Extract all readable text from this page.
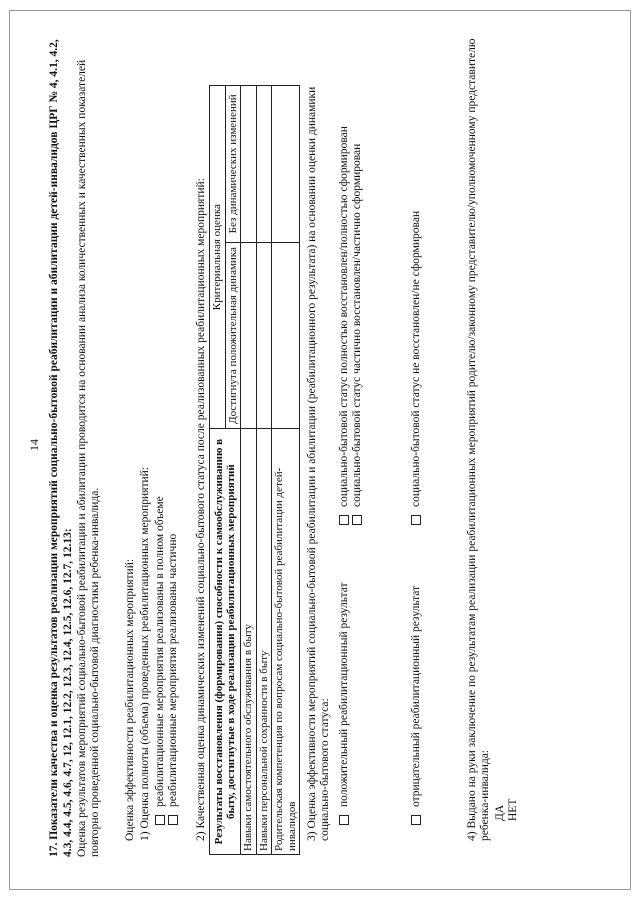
14 17. Показатели качества и оценка результатов реализации мероприятий социально-бытовой реабилитации и абилитации детей-инвалидов ЦРГ № 4, 4.1, 4.2, 4.3, 4.4, 4.5, 4.6, 4.7, 12, 12.1, 12.2, 12.3, 12.4, 12.5, 12.6, 12.7, 12.13: Оценка результатов мероприятий социально-бытовой реабилитации и абилитации проводится на основании анализа количественных и качественных показателей повторно проведенной социально-бытовой диагностики ребенка-инвалида. Оценка эффективности реабилитационных мероприятий: 1) Оценка полноты (объема) проведенных реабилитационных мероприятий: реабилитационные мероприятия реализованы в полном объеме реабилитационные мероприятия реализованы частично 2) Качественная оценка динамических изменений социально-бытового статуса после реализованных реабилитационных мероприятий: Результаты восстановления (формирования) способности к самообслуживанию в быту, достигнутые в ходе реализации реабилитационных мероприятий	Критериальная оценка	
	Достигнута положительная динамика	Без динамических изменений
Навыки самостоятельного обслуживания в быту		
Навыки персональной сохранности в быту		
Родительская компетенция по вопросам социально-бытовой реабилитации детей-инвалидов		3) Оценка эффективности мероприятий социально-бытовой реабилитации и абилитации (реабилитационного результата) на основании оценки динамики социально-бытового статуса: положительный реабилитационный результат
социально-бытовой статус полностью восстановлен/полностью сформирован социально-бытовой статус частично восстановлен/частично сформирован
отрицательный реабилитационный результат
социально-бытовой статус не восстановлен/не сформирован	4) Выдано на руки заключение по результатам реализации реабилитационных мероприятий родителю/законному представителю/уполномоченному представителю ребенка-инвалида: ДА НЕТ
